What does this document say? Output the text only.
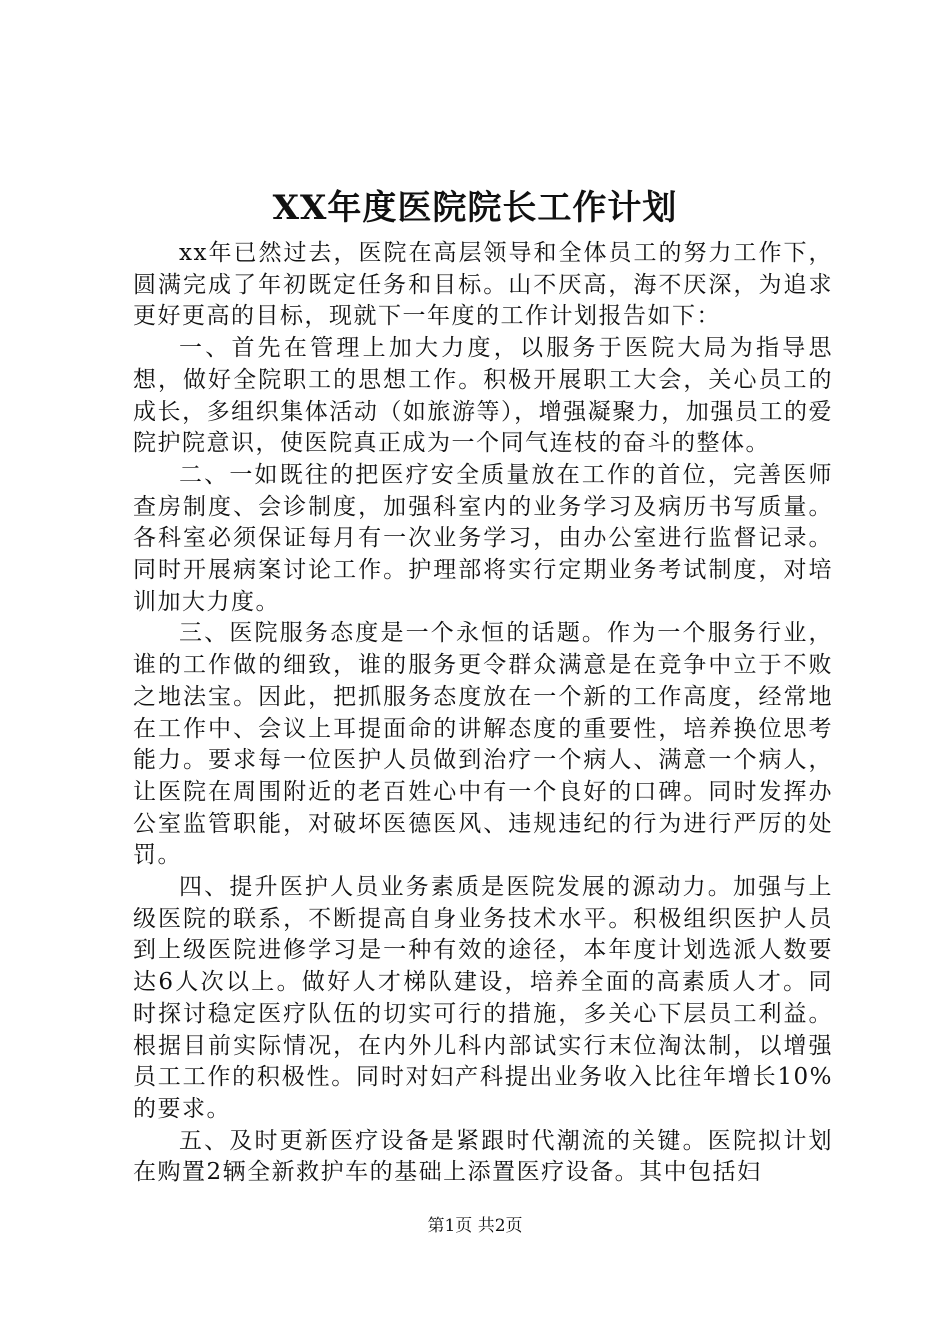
XX年度医院院长工作计划

xx年已然过去，医院在高层领导和全体员工的努力工作下，圆满完成了年初既定任务和目标。山不厌高，海不厌深，为追求更好更高的目标，现就下一年度的工作计划报告如下：

一、首先在管理上加大力度，以服务于医院大局为指导思想，做好全院职工的思想工作。积极开展职工大会，关心员工的成长，多组织集体活动（如旅游等），增强凝聚力，加强员工的爱院护院意识，使医院真正成为一个同气连枝的奋斗的整体。

二、一如既往的把医疗安全质量放在工作的首位，完善医师查房制度、会诊制度，加强科室内的业务学习及病历书写质量。各科室必须保证每月有一次业务学习，由办公室进行监督记录。同时开展病案讨论工作。护理部将实行定期业务考试制度，对培训加大力度。

三、医院服务态度是一个永恒的话题。作为一个服务行业，谁的工作做的细致，谁的服务更令群众满意是在竞争中立于不败之地法宝。因此，把抓服务态度放在一个新的工作高度，经常地在工作中、会议上耳提面命的讲解态度的重要性，培养换位思考能力。要求每一位医护人员做到治疗一个病人、满意一个病人，让医院在周围附近的老百姓心中有一个良好的口碑。同时发挥办公室监管职能，对破坏医德医风、违规违纪的行为进行严厉的处罚。

四、提升医护人员业务素质是医院发展的源动力。加强与上级医院的联系，不断提高自身业务技术水平。积极组织医护人员到上级医院进修学习是一种有效的途径，本年度计划选派人数要达6人次以上。做好人才梯队建设，培养全面的高素质人才。同时探讨稳定医疗队伍的切实可行的措施，多关心下层员工利益。根据目前实际情况，在内外儿科内部试实行末位淘汰制，以增强员工工作的积极性。同时对妇产科提出业务收入比往年增长10%的要求。

五、及时更新医疗设备是紧跟时代潮流的关键。医院拟计划在购置2辆全新救护车的基础上添置医疗设备。其中包括妇

第1页 共2页
